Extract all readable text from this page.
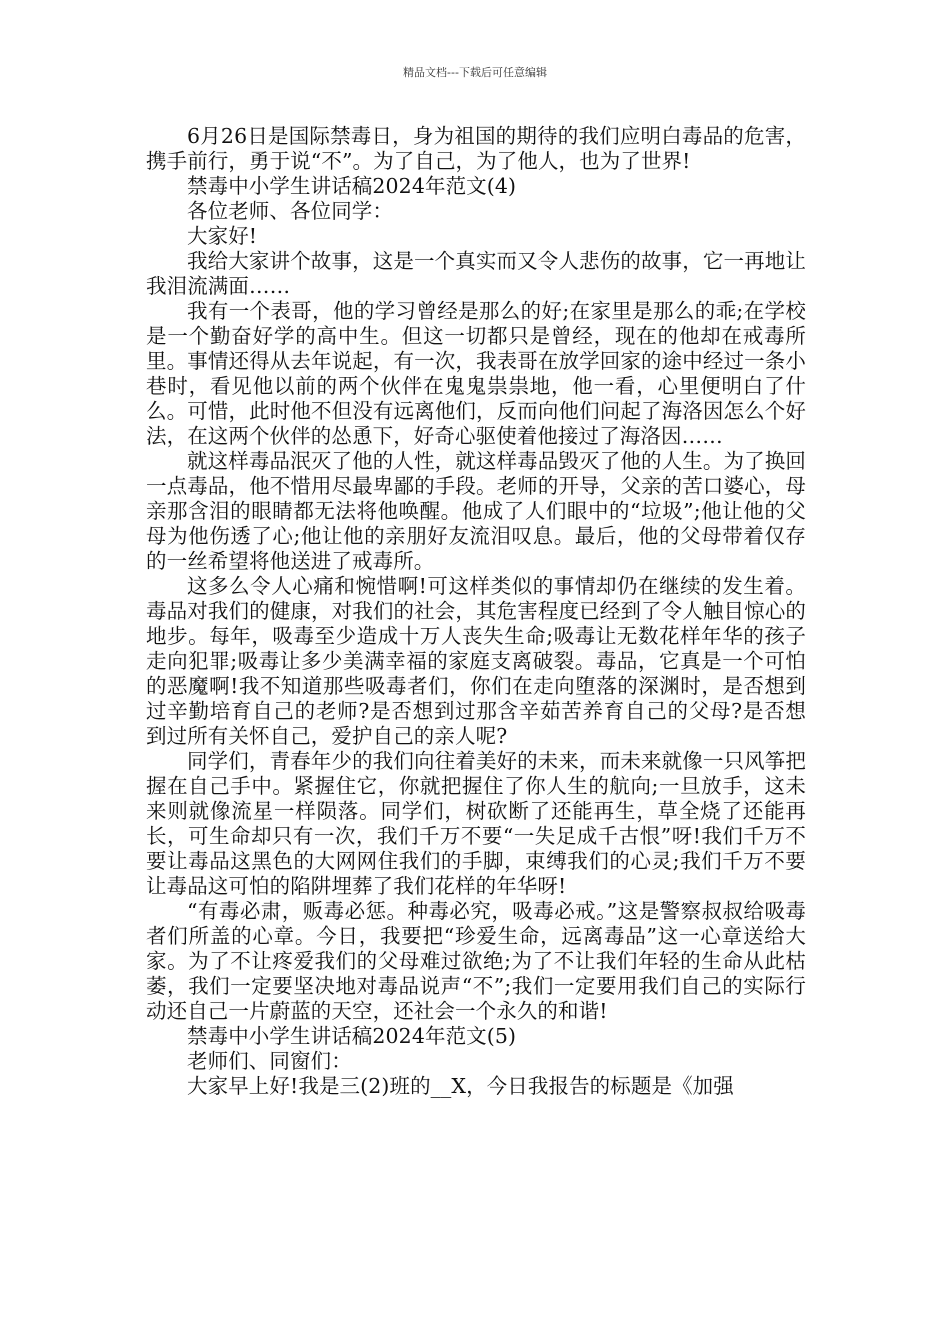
精品文档---下载后可任意编辑

6月26日是国际禁毒日，身为祖国的期待的我们应明白毒品的危害，携手前行，勇于说“不”。为了自己，为了他人，也为了世界!

禁毒中小学生讲话稿2024年范文(4)

各位老师、各位同学：

大家好!

我给大家讲个故事，这是一个真实而又令人悲伤的故事，它一再地让我泪流满面……

我有一个表哥，他的学习曾经是那么的好;在家里是那么的乖;在学校是一个勤奋好学的高中生。但这一切都只是曾经，现在的他却在戒毒所里。事情还得从去年说起，有一次，我表哥在放学回家的途中经过一条小巷时，看见他以前的两个伙伴在鬼鬼祟祟地，他一看，心里便明白了什么。可惜，此时他不但没有远离他们，反而向他们问起了海洛因怎么个好法，在这两个伙伴的怂恿下，好奇心驱使着他接过了海洛因……

就这样毒品泯灭了他的人性，就这样毒品毁灭了他的人生。为了换回一点毒品，他不惜用尽最卑鄙的手段。老师的开导，父亲的苦口婆心，母亲那含泪的眼睛都无法将他唤醒。他成了人们眼中的“垃圾”;他让他的父母为他伤透了心;他让他的亲朋好友流泪叹息。最后，他的父母带着仅存的一丝希望将他送进了戒毒所。

这多么令人心痛和惋惜啊!可这样类似的事情却仍在继续的发生着。毒品对我们的健康，对我们的社会，其危害程度已经到了令人触目惊心的地步。每年，吸毒至少造成十万人丧失生命;吸毒让无数花样年华的孩子走向犯罪;吸毒让多少美满幸福的家庭支离破裂。毒品，它真是一个可怕的恶魔啊!我不知道那些吸毒者们，你们在走向堕落的深渊时，是否想到过辛勤培育自己的老师?是否想到过那含辛茹苦养育自己的父母?是否想到过所有关怀自己，爱护自己的亲人呢?

同学们，青春年少的我们向往着美好的未来，而未来就像一只风筝把握在自己手中。紧握住它，你就把握住了你人生的航向;一旦放手，这未来则就像流星一样陨落。同学们，树砍断了还能再生，草全烧了还能再长，可生命却只有一次，我们千万不要“一失足成千古恨”呀!我们千万不要让毒品这黑色的大网网住我们的手脚，束缚我们的心灵;我们千万不要让毒品这可怕的陷阱埋葬了我们花样的年华呀!

“有毒必肃，贩毒必惩。种毒必究，吸毒必戒。”这是警察叔叔给吸毒者们所盖的心章。今日，我要把“珍爱生命，远离毒品”这一心章送给大家。为了不让疼爱我们的父母难过欲绝;为了不让我们年轻的生命从此枯萎，我们一定要坚决地对毒品说声“不”;我们一定要用我们自己的实际行动还自己一片蔚蓝的天空，还社会一个永久的和谐!

禁毒中小学生讲话稿2024年范文(5)

老师们、同窗们：

大家早上好!我是三(2)班的__X，今日我报告的标题是《加强
